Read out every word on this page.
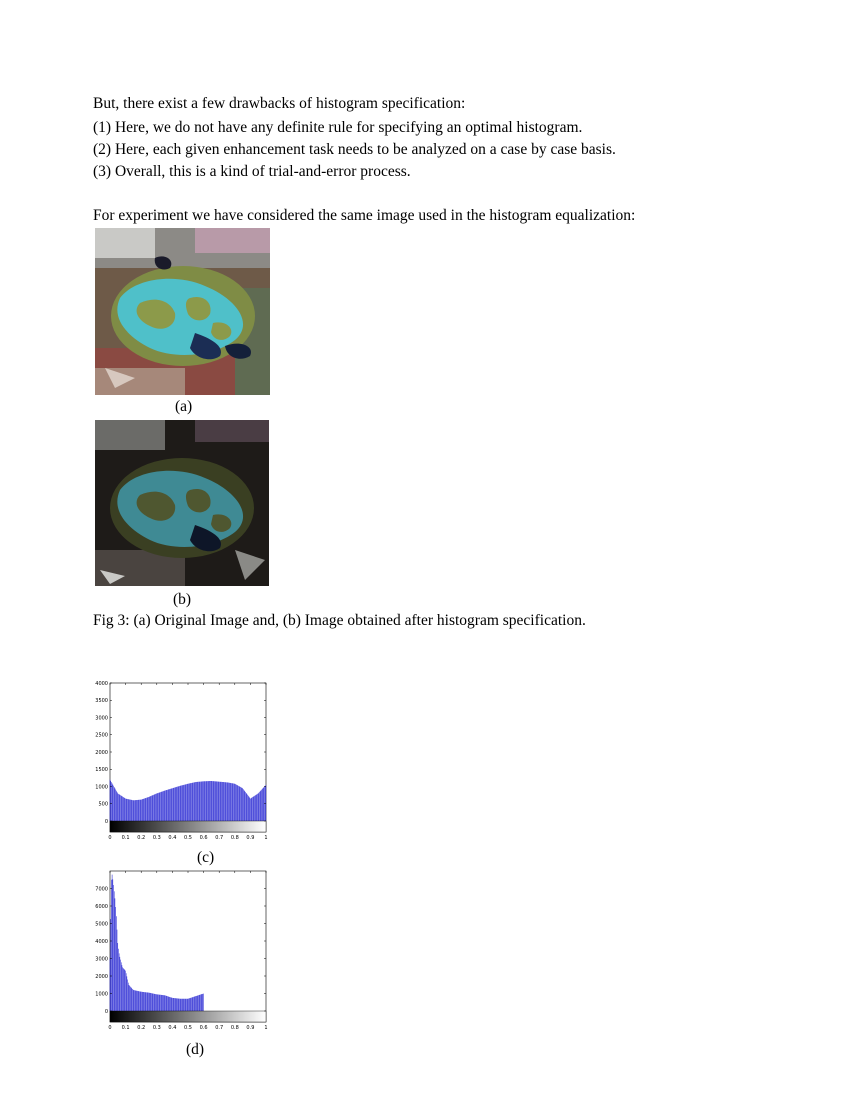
But, there exist a few drawbacks of histogram specification:
(1) Here, we do not have any definite rule for specifying an optimal histogram.
(2) Here, each given enhancement task needs to be analyzed on a case by case basis.
(3) Overall, this is a kind of trial-and-error process.
For experiment we have considered the same image used in the histogram equalization:
(a)
(b)
Fig 3: (a) Original Image and, (b) Image obtained after histogram specification.
0
500
1000
1500
2000
2500
3000
3500
4000
0 0.1 0.2 0.3 0.4 0.5 0.6 0.7 0.8 0.9 1
(c)
0
1000
2000
3000
4000
5000
6000
7000
0 0.1 0.2 0.3 0.4 0.5 0.6 0.7 0.8 0.9 1
(d)
